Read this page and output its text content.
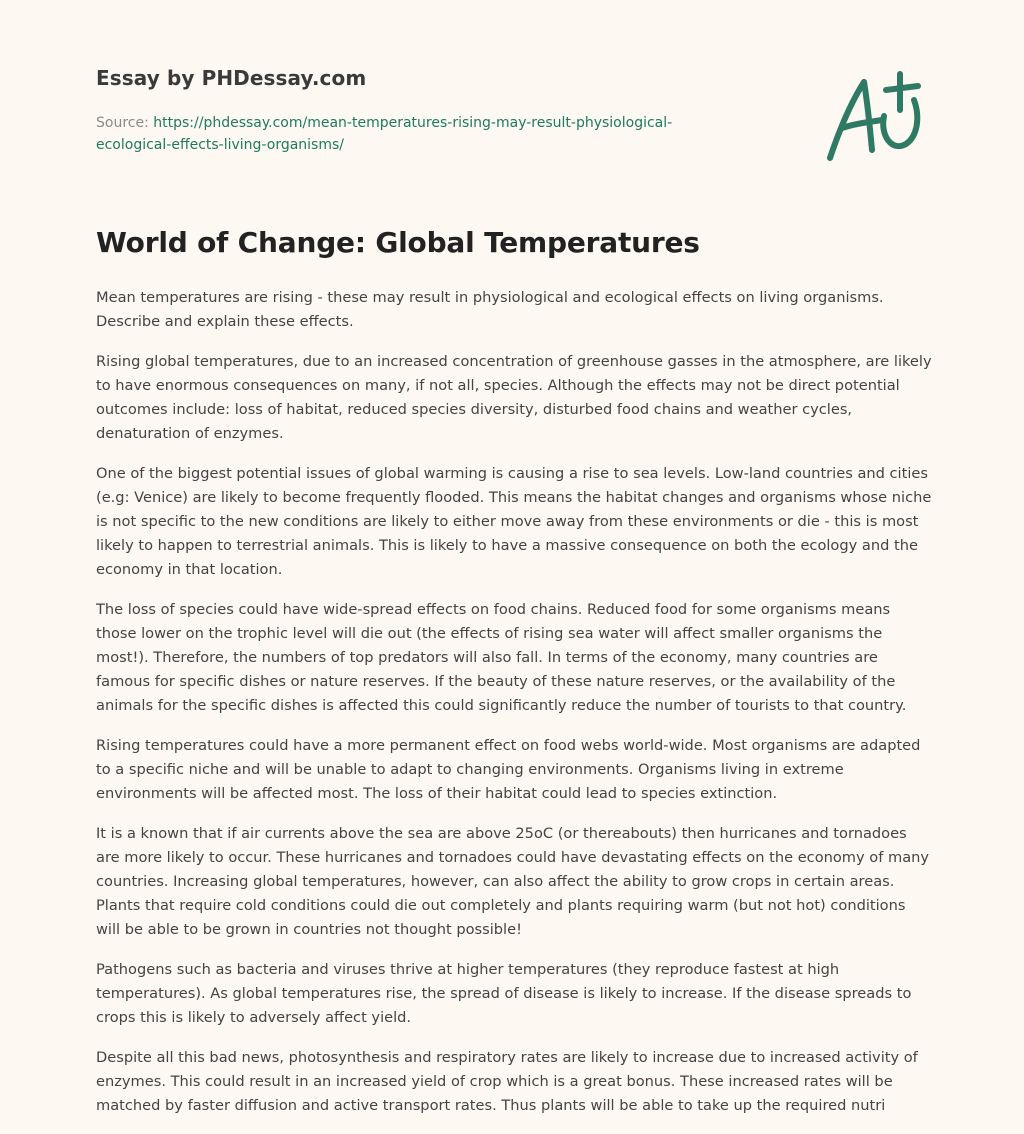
Essay by PHDessay.com
Source: https://phdessay.com/mean-temperatures-rising-may-result-physiological-ecological-effects-living-organisms/
World of Change: Global Temperatures

Mean temperatures are rising - these may result in physiological and ecological effects on living organisms. Describe and explain these effects.

Rising global temperatures, due to an increased concentration of greenhouse gasses in the atmosphere, are likely to have enormous consequences on many, if not all, species. Although the effects may not be direct potential outcomes include: loss of habitat, reduced species diversity, disturbed food chains and weather cycles, denaturation of enzymes.

One of the biggest potential issues of global warming is causing a rise to sea levels. Low-land countries and cities (e.g: Venice) are likely to become frequently flooded. This means the habitat changes and organisms whose niche is not specific to the new conditions are likely to either move away from these environments or die - this is most likely to happen to terrestrial animals. This is likely to have a massive consequence on both the ecology and the economy in that location.

The loss of species could have wide-spread effects on food chains. Reduced food for some organisms means those lower on the trophic level will die out (the effects of rising sea water will affect smaller organisms the most!). Therefore, the numbers of top predators will also fall. In terms of the economy, many countries are famous for specific dishes or nature reserves. If the beauty of these nature reserves, or the availability of the animals for the specific dishes is affected this could significantly reduce the number of tourists to that country.

Rising temperatures could have a more permanent effect on food webs world-wide. Most organisms are adapted to a specific niche and will be unable to adapt to changing environments. Organisms living in extreme environments will be affected most. The loss of their habitat could lead to species extinction.

It is a known that if air currents above the sea are above 25oC (or thereabouts) then hurricanes and tornadoes are more likely to occur. These hurricanes and tornadoes could have devastating effects on the economy of many countries. Increasing global temperatures, however, can also affect the ability to grow crops in certain areas. Plants that require cold conditions could die out completely and plants requiring warm (but not hot) conditions will be able to be grown in countries not thought possible!

Pathogens such as bacteria and viruses thrive at higher temperatures (they reproduce fastest at high temperatures). As global temperatures rise, the spread of disease is likely to increase. If the disease spreads to crops this is likely to adversely affect yield.

Despite all this bad news, photosynthesis and respiratory rates are likely to increase due to increased activity of enzymes. This could result in an increased yield of crop which is a great bonus. These increased rates will be matched by faster diffusion and active transport rates. Thus plants will be able to take up the required nutri
